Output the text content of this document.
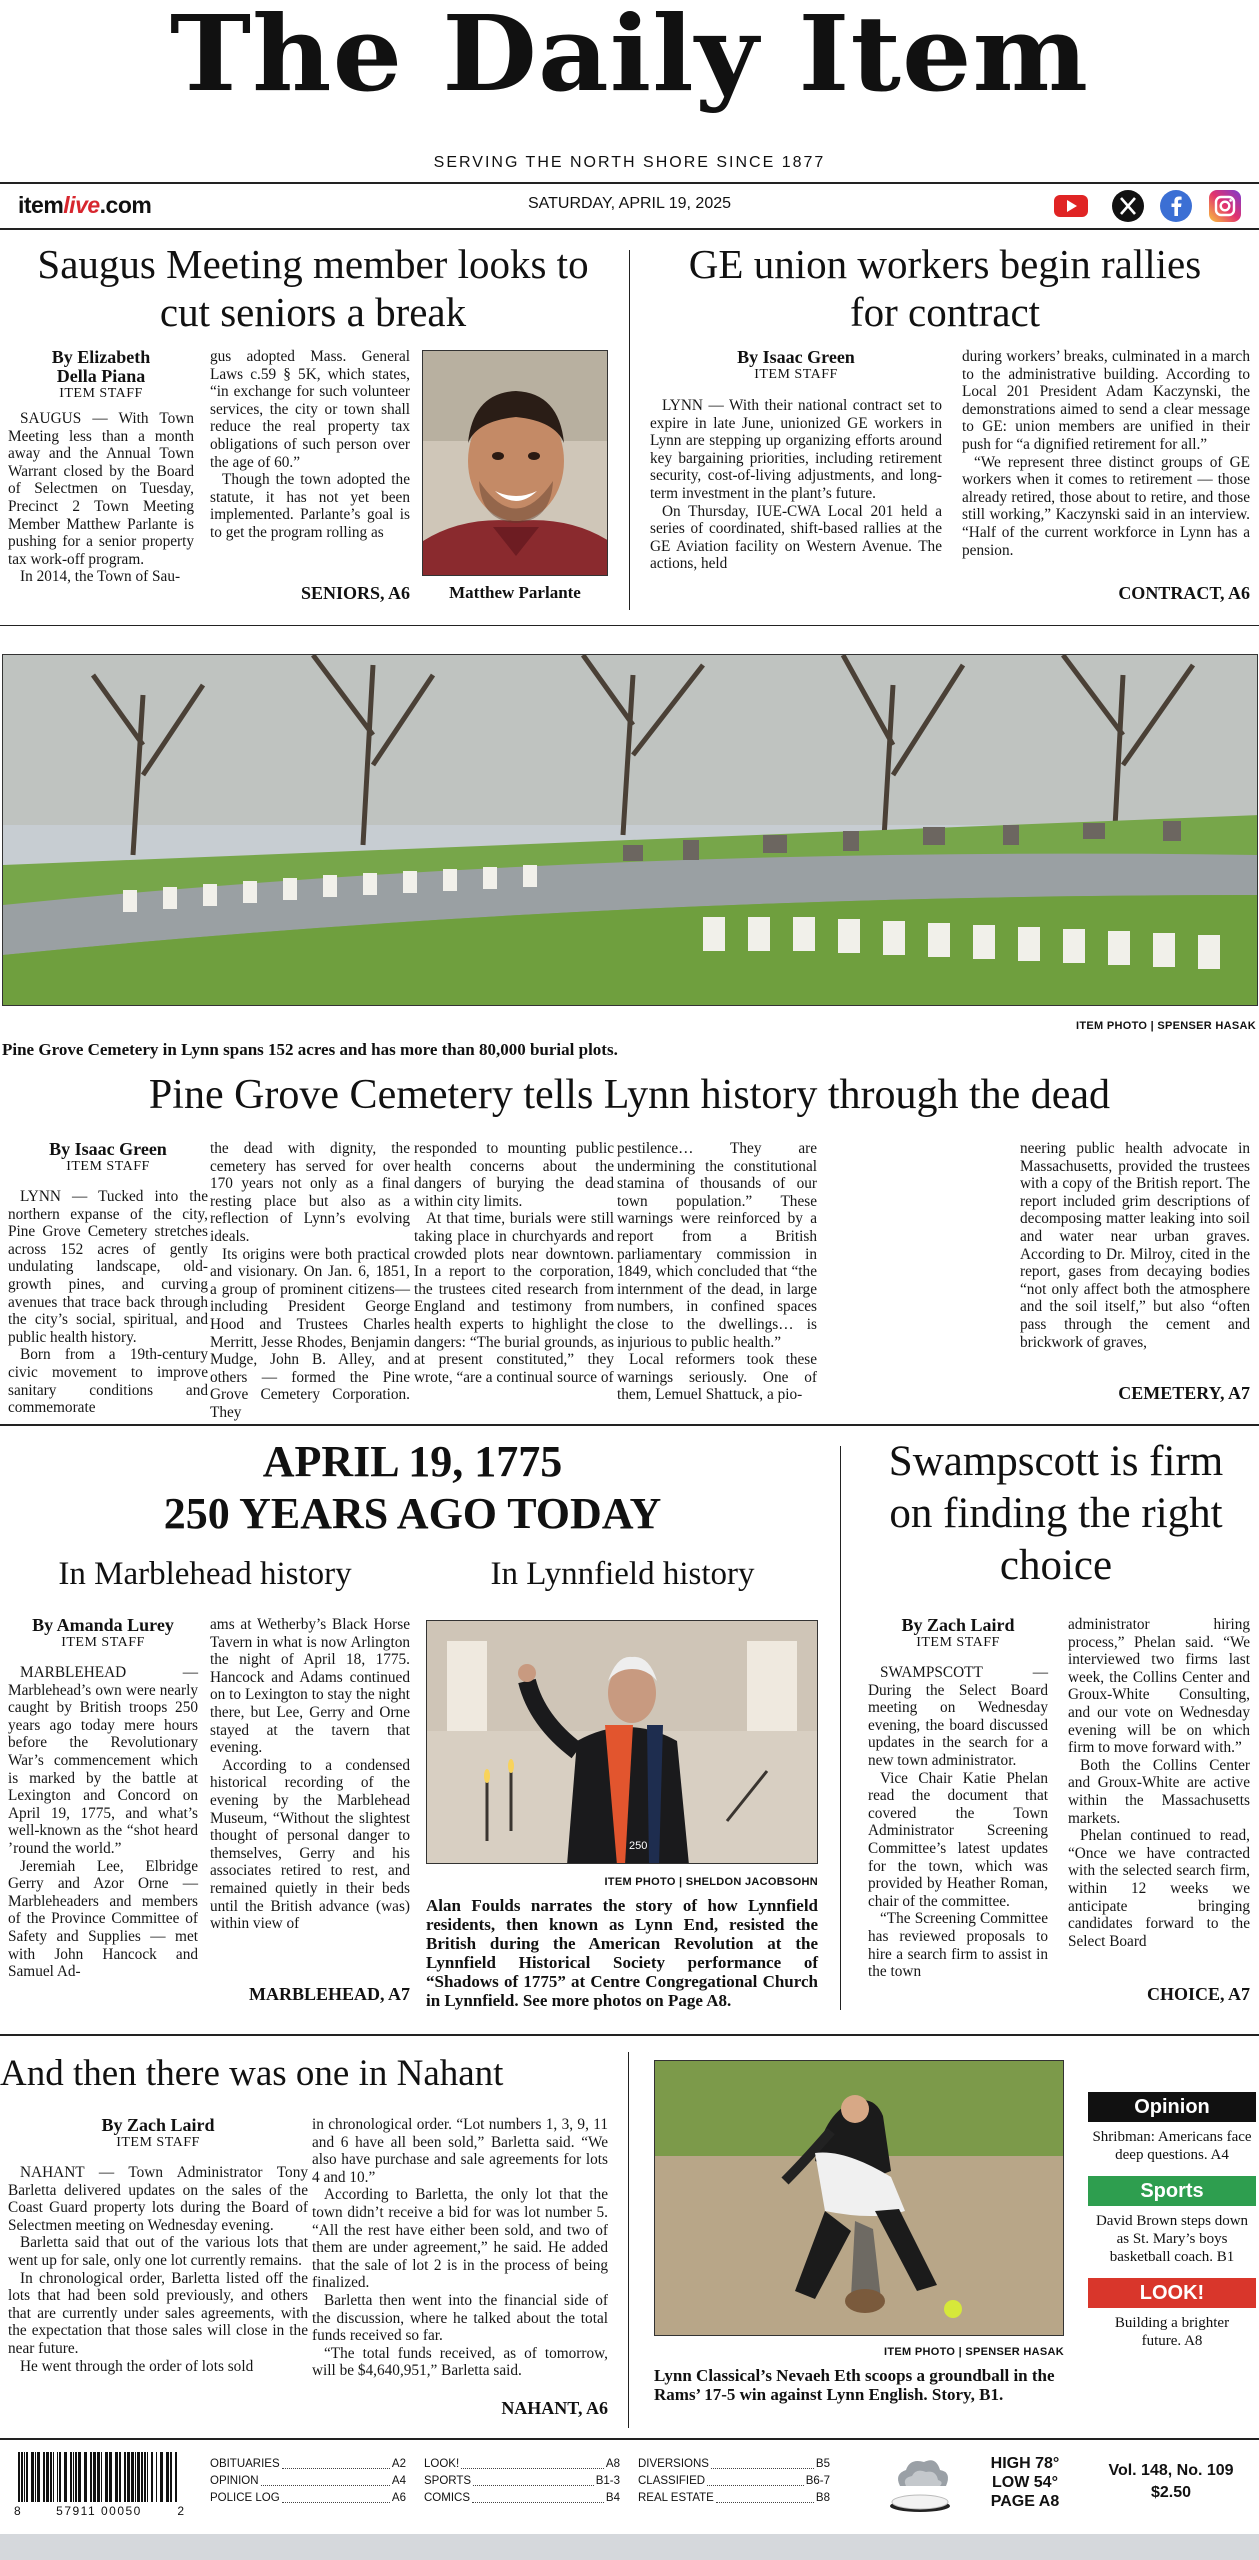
The Daily Item
SERVING THE NORTH SHORE SINCE 1877
itemlive.com	SATURDAY, APRIL 19, 2025
Saugus Meeting member looks to cut seniors a break
By Elizabeth Della Piana
ITEM STAFF

SAUGUS — With Town Meeting less than a month away and the Annual Town Warrant closed by the Board of Selectmen on Tuesday, Precinct 2 Town Meeting Member Matthew Parlante is pushing for a senior property tax work-off program.

In 2014, the Town of Sau-

gus adopted Mass. General Laws c.59 § 5K, which states, “in exchange for such volunteer services, the city or town shall reduce the real property tax obligations of such person over the age of 60.”

Though the town adopted the statute, it has not yet been implemented. Parlante’s goal is to get the program rolling as

SENIORS, A6	Matthew Parlante
GE union workers begin rallies for contract
By Isaac Green
ITEM STAFF

LYNN — With their national contract set to expire in late June, unionized GE workers in Lynn are stepping up organizing efforts around key bargaining priorities, including retirement security, cost-of-living adjustments, and long-term investment in the plant’s future.

On Thursday, IUE-CWA Local 201 held a series of coordinated, shift-based rallies at the GE Aviation facility on Western Avenue. The actions, held

during workers’ breaks, culminated in a march to the administrative building. According to Local 201 President Adam Kaczynski, the demonstrations aimed to send a clear message to GE: union members are unified in their push for “a dignified retirement for all.”

“We represent three distinct groups of GE workers when it comes to retirement — those already retired, those about to retire, and those still working,” Kaczynski said in an interview. “Half of the current workforce in Lynn has a pension.

CONTRACT, A6
ITEM PHOTO | SPENSER HASAK
Pine Grove Cemetery in Lynn spans 152 acres and has more than 80,000 burial plots.
Pine Grove Cemetery tells Lynn history through the dead
By Isaac Green
ITEM STAFF

LYNN — Tucked into the northern expanse of the city, Pine Grove Cemetery stretches across 152 acres of gently undulating landscape, old-growth pines, and curving avenues that trace back through the city’s social, spiritual, and public health history.

Born from a 19th-century civic movement to improve sanitary conditions and commemorate

the dead with dignity, the cemetery has served for over 170 years not only as a final resting place but also as a reflection of Lynn’s evolving ideals.

Its origins were both practical and visionary. On Jan. 6, 1851, a group of prominent citizens—including President George Hood and Trustees Charles Merritt, Jesse Rhodes, Benjamin Mudge, John B. Alley, and others — formed the Pine Grove Cemetery Corporation. They

responded to mounting public health concerns about the dangers of burying the dead within city limits.

At that time, burials were still taking place in churchyards and crowded plots near downtown. In a report to the corporation, the trustees cited research from England and testimony from health experts to highlight the dangers: “The burial grounds, as at present constituted,” they wrote, “are a continual source of

pestilence… They are undermining the constitutional stamina of thousands of our town population.” These warnings were reinforced by a report from a British parliamentary commission in 1849, which concluded that “the internment of the dead, in large numbers, in confined spaces close to the dwellings… is injurious to public health.”

Local reformers took these warnings seriously. One of them, Lemuel Shattuck, a pio-

neering public health advocate in Massachusetts, provided the trustees with a copy of the British report. The report included grim descriptions of decomposing matter leaking into soil and water near urban graves. According to Dr. Milroy, cited in the report, gases from decaying bodies “not only affect both the atmosphere and the soil itself,” but also “often pass through the cement and brickwork of graves,

CEMETERY, A7
APRIL 19, 1775
250 YEARS AGO TODAY
In Marblehead history	In Lynnfield history
By Amanda Lurey
ITEM STAFF

MARBLEHEAD — Marblehead’s own were nearly caught by British troops 250 years ago today mere hours before the Revolutionary War’s commencement which is marked by the battle at Lexington and Concord on April 19, 1775, and what’s well-known as the “shot heard ’round the world.”

Jeremiah Lee, Elbridge Gerry and Azor Orne — Marbleheaders and members of the Province Committee of Safety and Supplies — met with John Hancock and Samuel Ad-

ams at Wetherby’s Black Horse Tavern in what is now Arlington the night of April 18, 1775. Hancock and Adams continued on to Lexington to stay the night there, but Lee, Gerry and Orne stayed at the tavern that evening.

According to a condensed historical recording of the evening by the Marblehead Museum, “Without the slightest thought of personal danger to themselves, Gerry and his associates retired to rest, and remained quietly in their beds until the British advance (was) within view of

MARBLEHEAD, A7
250
ITEM PHOTO | SHELDON JACOBSOHN
Alan Foulds narrates the story of how Lynnfield residents, then known as Lynn End, resisted the British during the American Revolution at the Lynnfield Historical Society performance of “Shadows of 1775” at Centre Congregational Church in Lynnfield. See more photos on Page A8.
Swampscott is firm on finding the right choice
By Zach Laird
ITEM STAFF

SWAMPSCOTT — During the Select Board meeting on Wednesday evening, the board discussed updates in the search for a new town administrator.

Vice Chair Katie Phelan read the document that covered the Town Administrator Screening Committee’s latest updates for the town, which was provided by Heather Roman, chair of the committee.

“The Screening Committee has reviewed proposals to hire a search firm to assist in the town

administrator hiring process,” Phelan said. “We interviewed two firms last week, the Collins Center and Groux-White Consulting, and our vote on Wednesday evening will be on which firm to move forward with.”

Both the Collins Center and Groux-White are active within the Massachusetts markets.

Phelan continued to read, “Once we have contracted with the selected search firm, within 12 weeks we anticipate bringing candidates forward to the Select Board

CHOICE, A7
And then there was one in Nahant
By Zach Laird
ITEM STAFF

NAHANT — Town Administrator Tony Barletta delivered updates on the sales of the Coast Guard property lots during the Board of Selectmen meeting on Wednesday evening.

Barletta said that out of the various lots that went up for sale, only one lot currently remains.

In chronological order, Barletta listed off the lots that had been sold previously, and others that are currently under sales agreements, with the expectation that those sales will close in the near future.

He went through the order of lots sold

in chronological order. “Lot numbers 1, 3, 9, 11 and 6 have all been sold,” Barletta said. “We also have purchase and sale agreements for lots 4 and 10.”

According to Barletta, the only lot that the town didn’t receive a bid for was lot number 5. “All the rest have either been sold, and two of them are under agreement,” he said. He added that the sale of lot 2 is in the process of being finalized.

Barletta then went into the financial side of the discussion, where he talked about the total funds received so far.

“The total funds received, as of tomorrow, will be $4,640,951,” Barletta said.

NAHANT, A6
ITEM PHOTO | SPENSER HASAK
Lynn Classical’s Nevaeh Eth scoops a groundball in the Rams’ 17-5 win against Lynn English. Story, B1.
Opinion
Shribman: Americans face deep questions. A4
Sports
David Brown steps down as St. Mary’s boys basketball coach. B1
LOOK!
Building a brighter future. A8
8	57911 00050	2
OBITUARIES	A2
OPINION	A4
POLICE LOG	A6
LOOK!	A8
SPORTS	B1-3
COMICS	B4
DIVERSIONS	B5
CLASSIFIED	B6-7
REAL ESTATE	B8
HIGH 78°
LOW 54°
PAGE A8
Vol. 148, No. 109
$2.50
